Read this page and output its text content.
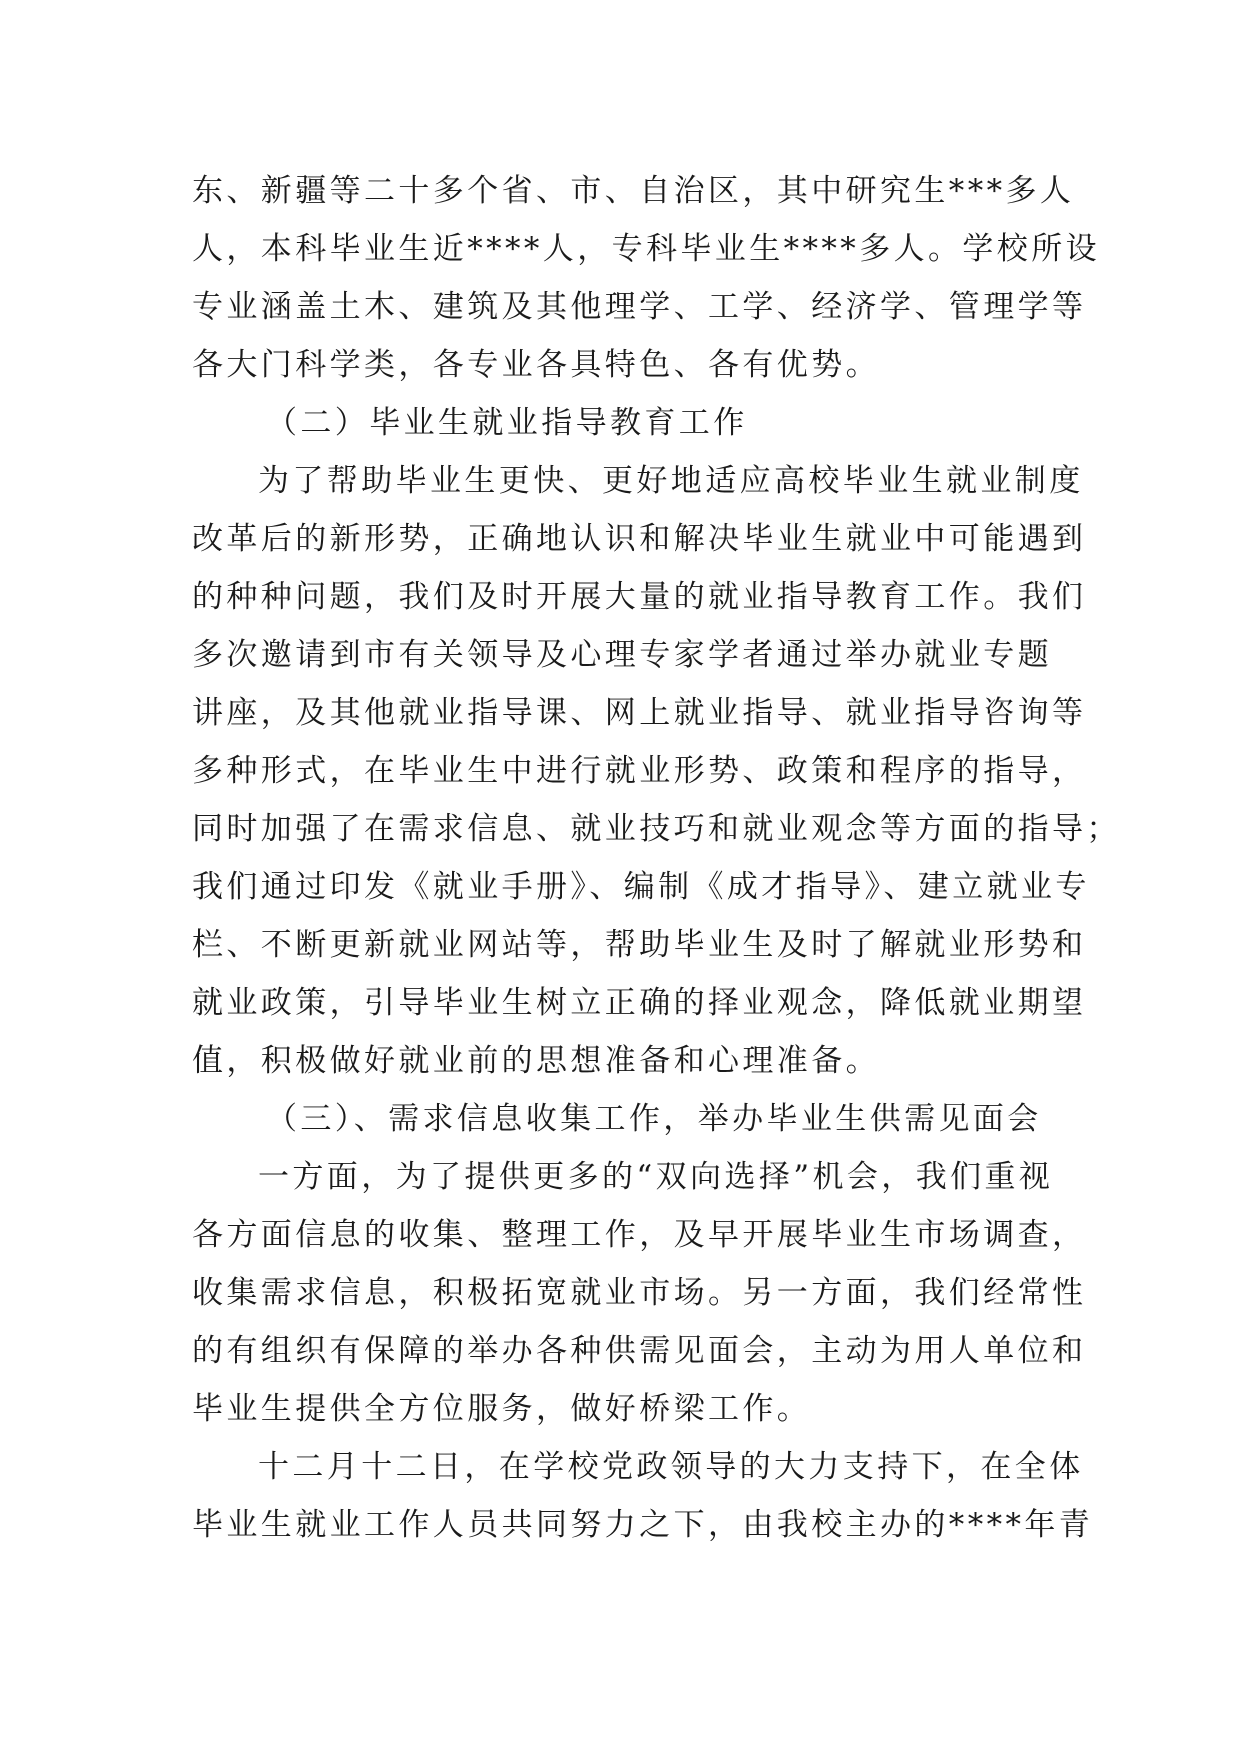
东、新疆等二十多个省、市、自治区，其中研究生***多人
人，本科毕业生近****人，专科毕业生****多人。学校所设
专业涵盖土木、建筑及其他理学、工学、经济学、管理学等
各大门科学类，各专业各具特色、各有优势。
（二）毕业生就业指导教育工作
为了帮助毕业生更快、更好地适应高校毕业生就业制度
改革后的新形势，正确地认识和解决毕业生就业中可能遇到
的种种问题，我们及时开展大量的就业指导教育工作。我们
多次邀请到市有关领导及心理专家学者通过举办就业专题
讲座，及其他就业指导课、网上就业指导、就业指导咨询等
多种形式，在毕业生中进行就业形势、政策和程序的指导，
同时加强了在需求信息、就业技巧和就业观念等方面的指导；
我们通过印发《就业手册》、编制《成才指导》、建立就业专
栏、不断更新就业网站等，帮助毕业生及时了解就业形势和
就业政策，引导毕业生树立正确的择业观念，降低就业期望
值，积极做好就业前的思想准备和心理准备。
（三）、需求信息收集工作，举办毕业生供需见面会
一方面，为了提供更多的“双向选择”机会，我们重视
各方面信息的收集、整理工作，及早开展毕业生市场调查，
收集需求信息，积极拓宽就业市场。另一方面，我们经常性
的有组织有保障的举办各种供需见面会，主动为用人单位和
毕业生提供全方位服务，做好桥梁工作。
十二月十二日，在学校党政领导的大力支持下，在全体
毕业生就业工作人员共同努力之下，由我校主办的****年青
